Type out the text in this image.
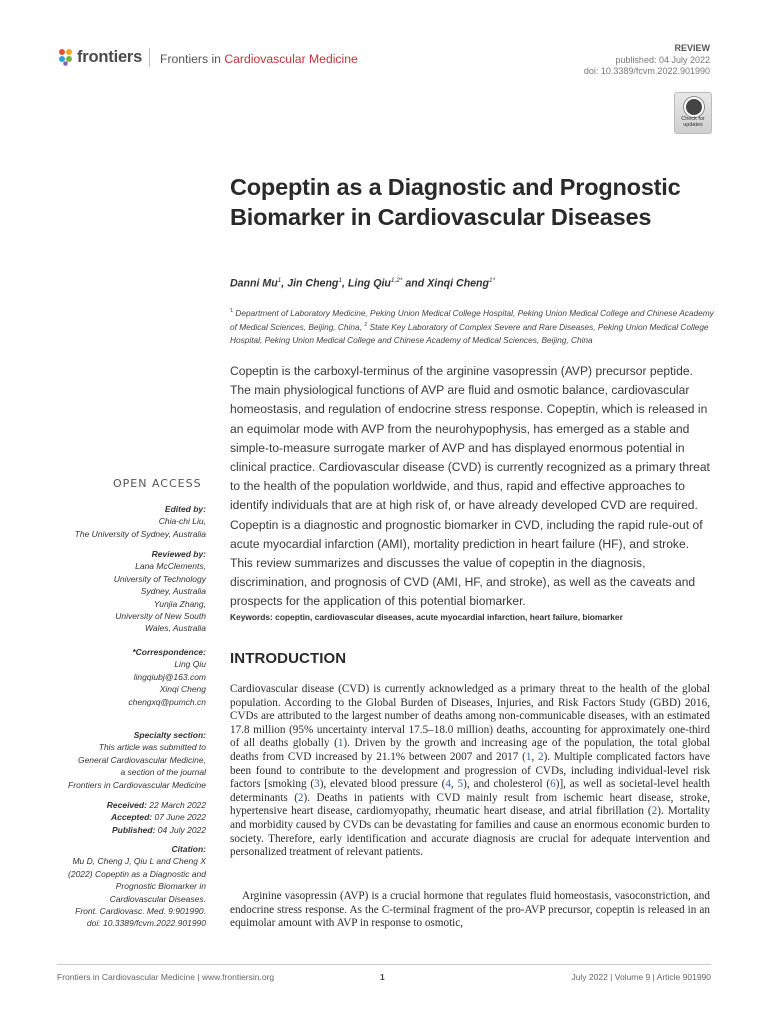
frontiers Frontiers in Cardiovascular Medicine
REVIEW
published: 04 July 2022
doi: 10.3389/fcvm.2022.901990
Check for updates
Copeptin as a Diagnostic and Prognostic Biomarker in Cardiovascular Diseases
Danni Mu$^1$, Jin Cheng$^1$, Ling Qiu$^{1,2*}$ and Xinqi Cheng$^{1*}$
$^1$ Department of Laboratory Medicine, Peking Union Medical College Hospital, Peking Union Medical College and Chinese Academy of Medical Sciences, Beijing, China, $^2$ State Key Laboratory of Complex Severe and Rare Diseases, Peking Union Medical College Hospital, Peking Union Medical College and Chinese Academy of Medical Sciences, Beijing, China
Copeptin is the carboxyl-terminus of the arginine vasopressin (AVP) precursor peptide. The main physiological functions of AVP are fluid and osmotic balance, cardiovascular homeostasis, and regulation of endocrine stress response. Copeptin, which is released in an equimolar mode with AVP from the neurohypophysis, has emerged as a stable and simple-to-measure surrogate marker of AVP and has displayed enormous potential in clinical practice. Cardiovascular disease (CVD) is currently recognized as a primary threat to the health of the population worldwide, and thus, rapid and effective approaches to identify individuals that are at high risk of, or have already developed CVD are required. Copeptin is a diagnostic and prognostic biomarker in CVD, including the rapid rule-out of acute myocardial infarction (AMI), mortality prediction in heart failure (HF), and stroke. This review summarizes and discusses the value of copeptin in the diagnosis, discrimination, and prognosis of CVD (AMI, HF, and stroke), as well as the caveats and prospects for the application of this potential biomarker.
Keywords: copeptin, cardiovascular diseases, acute myocardial infarction, heart failure, biomarker
OPEN ACCESS
Edited by:
Chia-chi Liu,
The University of Sydney, Australia
Reviewed by:
Lana McClements,
University of Technology
Sydney, Australia
Yunjia Zhang,
University of New South
Wales, Australia
*Correspondence:
Ling Qiu
lingqiubj@163.com
Xinqi Cheng
chengxq@pumch.cn
Specialty section:
This article was submitted to
General Cardiovascular Medicine,
a section of the journal
Frontiers in Cardiovascular Medicine
Received: 22 March 2022
Accepted: 07 June 2022
Published: 04 July 2022
Citation:
Mu D, Cheng J, Qiu L and Cheng X
(2022) Copeptin as a Diagnostic and
Prognostic Biomarker in
Cardiovascular Diseases.
Front. Cardiovasc. Med. 9:901990.
doi: 10.3389/fcvm.2022.901990
INTRODUCTION
Cardiovascular disease (CVD) is currently acknowledged as a primary threat to the health of the global population. According to the Global Burden of Diseases, Injuries, and Risk Factors Study (GBD) 2016, CVDs are attributed to the largest number of deaths among non-communicable diseases, with an estimated 17.8 million (95% uncertainty interval 17.5–18.0 million) deaths, accounting for approximately one-third of all deaths globally (1). Driven by the growth and increasing age of the population, the total global deaths from CVD increased by 21.1% between 2007 and 2017 (1, 2). Multiple complicated factors have been found to contribute to the development and progression of CVDs, including individual-level risk factors [smoking (3), elevated blood pressure (4, 5), and cholesterol (6)], as well as societal-level health determinants (2). Deaths in patients with CVD mainly result from ischemic heart disease, stroke, hypertensive heart disease, cardiomyopathy, rheumatic heart disease, and atrial fibrillation (2). Mortality and morbidity caused by CVDs can be devastating for families and cause an enormous economic burden to society. Therefore, early identification and accurate diagnosis are crucial for adequate intervention and personalized treatment of relevant patients.
Arginine vasopressin (AVP) is a crucial hormone that regulates fluid homeostasis, vasoconstriction, and endocrine stress response. As the C-terminal fragment of the pro-AVP precursor, copeptin is released in an equimolar amount with AVP in response to osmotic,
Frontiers in Cardiovascular Medicine | www.frontiersin.org	1	July 2022 | Volume 9 | Article 901990
